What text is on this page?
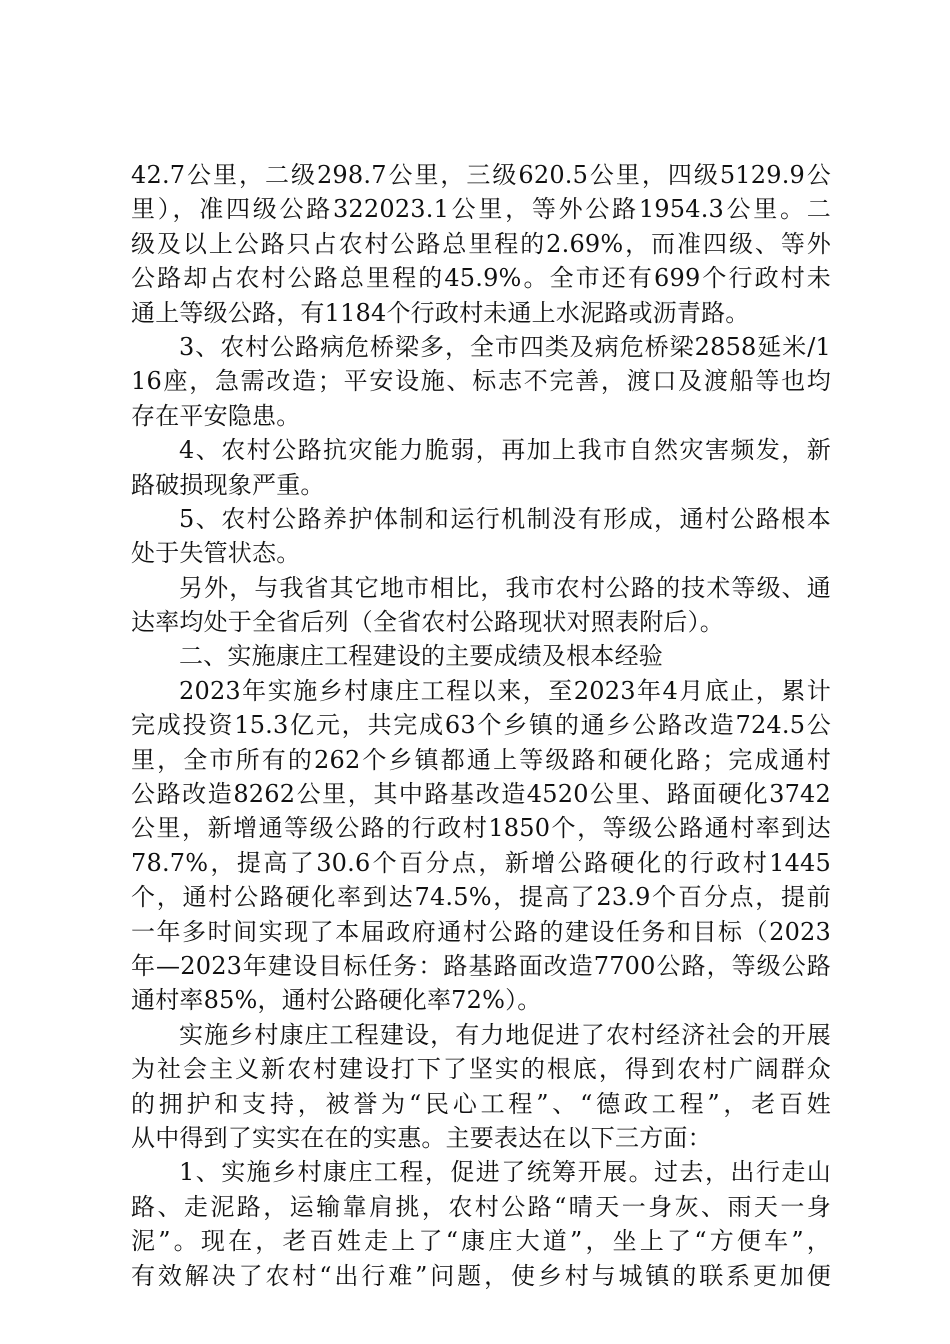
42.7公里，二级298.7公里，三级620.5公里，四级5129.9公
里），准四级公路322023.1公里，等外公路1954.3公里。二
级及以上公路只占农村公路总里程的2.69%，而准四级、等外
公路却占农村公路总里程的45.9%。全市还有699个行政村未
通上等级公路，有1184个行政村未通上水泥路或沥青路。
3、农村公路病危桥梁多，全市四类及病危桥梁2858延米/1
16座，急需改造；平安设施、标志不完善，渡口及渡船等也均
存在平安隐患。
4、农村公路抗灾能力脆弱，再加上我市自然灾害频发，新
路破损现象严重。
5、农村公路养护体制和运行机制没有形成，通村公路根本
处于失管状态。
另外，与我省其它地市相比，我市农村公路的技术等级、通
达率均处于全省后列（全省农村公路现状对照表附后）。
二、实施康庄工程建设的主要成绩及根本经验
2023年实施乡村康庄工程以来，至2023年4月底止，累计
完成投资15.3亿元，共完成63个乡镇的通乡公路改造724.5公
里，全市所有的262个乡镇都通上等级路和硬化路；完成通村
公路改造8262公里，其中路基改造4520公里、路面硬化3742
公里，新增通等级公路的行政村1850个，等级公路通村率到达
78.7%，提高了30.6个百分点，新增公路硬化的行政村1445
个，通村公路硬化率到达74.5%，提高了23.9个百分点，提前
一年多时间实现了本届政府通村公路的建设任务和目标（2023
年—2023年建设目标任务：路基路面改造7700公路，等级公路
通村率85%，通村公路硬化率72%）。
实施乡村康庄工程建设，有力地促进了农村经济社会的开展
为社会主义新农村建设打下了坚实的根底，得到农村广阔群众
的拥护和支持，被誉为“民心工程”、“德政工程”，老百姓
从中得到了实实在在的实惠。主要表达在以下三方面：
1、实施乡村康庄工程，促进了统筹开展。过去，出行走山
路、走泥路，运输靠肩挑，农村公路“晴天一身灰、雨天一身
泥”。现在，老百姓走上了“康庄大道”，坐上了“方便车”，
有效解决了农村“出行难”问题，使乡村与城镇的联系更加便
